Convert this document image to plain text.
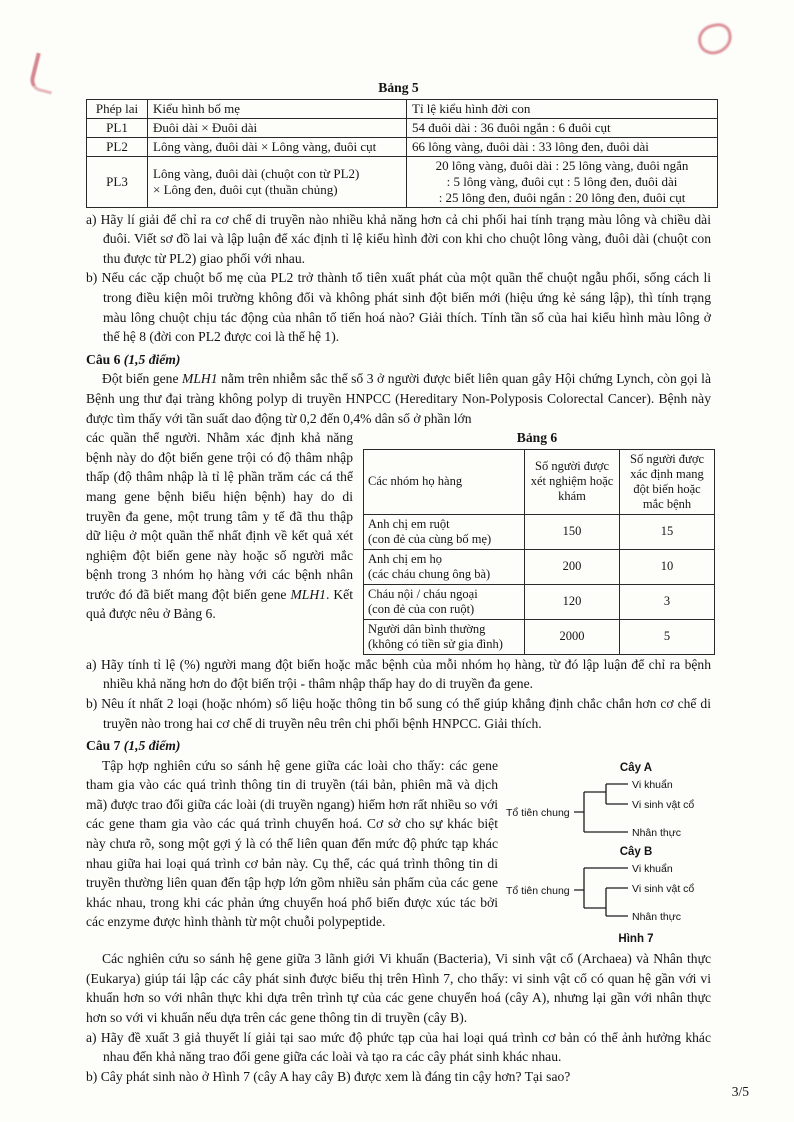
Bảng 5
Phép lai	Kiểu hình bố mẹ	Tỉ lệ kiểu hình đời con
PL1	Đuôi dài × Đuôi dài	54 đuôi dài : 36 đuôi ngắn : 6 đuôi cụt
PL2	Lông vàng, đuôi dài × Lông vàng, đuôi cụt	66 lông vàng, đuôi dài : 33 lông đen, đuôi dài
PL3	Lông vàng, đuôi dài (chuột con từ PL2)
× Lông đen, đuôi cụt (thuần chủng)	20 lông vàng, đuôi dài : 25 lông vàng, đuôi ngắn
: 5 lông vàng, đuôi cụt : 5 lông đen, đuôi dài
: 25 lông đen, đuôi ngắn : 20 lông đen, đuôi cụt
a) Hãy lí giải để chỉ ra cơ chế di truyền nào nhiều khả năng hơn cả chi phối hai tính trạng màu lông và chiều dài đuôi. Viết sơ đồ lai và lập luận để xác định tỉ lệ kiểu hình đời con khi cho chuột lông vàng, đuôi dài (chuột con thu được từ PL2) giao phối với nhau.
b) Nếu các cặp chuột bố mẹ của PL2 trở thành tổ tiên xuất phát của một quần thể chuột ngẫu phối, sống cách li trong điều kiện môi trường không đổi và không phát sinh đột biến mới (hiệu ứng kẻ sáng lập), thì tính trạng màu lông chuột chịu tác động của nhân tố tiến hoá nào? Giải thích. Tính tần số của hai kiểu hình màu lông ở thế hệ 8 (đời con PL2 được coi là thế hệ 1).
Câu 6 (1,5 điểm)

Đột biến gene MLH1 nằm trên nhiễm sắc thể số 3 ở người được biết liên quan gây Hội chứng Lynch, còn gọi là Bệnh ung thư đại tràng không polyp di truyền HNPCC (Hereditary Non-Polyposis Colorectal Cancer). Bệnh này được tìm thấy với tần suất dao động từ 0,2 đến 0,4% dân số ở phần lớn

Bảng 6
Các nhóm họ hàng	Số người được xét nghiệm hoặc khám	Số người được xác định mang đột biến hoặc mắc bệnh

Anh chị em ruột
(con đẻ của cùng bố mẹ)	150	15

Anh chị em họ
(các cháu chung ông bà)	200	10

Cháu nội / cháu ngoại
(con đẻ của con ruột)	120	3

Người dân bình thường
(không có tiền sử gia đình)	2000	5

các quần thể người. Nhằm xác định khả năng bệnh này do đột biến gene trội có độ thâm nhập thấp (độ thâm nhập là tỉ lệ phần trăm các cá thể mang gene bệnh biểu hiện bệnh) hay do di truyền đa gene, một trung tâm y tế đã thu thập dữ liệu ở một quần thể nhất định về kết quả xét nghiệm đột biến gene này hoặc số người mắc bệnh trong 3 nhóm họ hàng với các bệnh nhân trước đó đã biết mang đột biến gene MLH1. Kết quả được nêu ở Bảng 6.

a) Hãy tính tỉ lệ (%) người mang đột biến hoặc mắc bệnh của mỗi nhóm họ hàng, từ đó lập luận để chỉ ra bệnh nhiều khả năng hơn do đột biến trội - thâm nhập thấp hay do di truyền đa gene.
b) Nêu ít nhất 2 loại (hoặc nhóm) số liệu hoặc thông tin bổ sung có thể giúp khẳng định chắc chắn hơn cơ chế di truyền nào trong hai cơ chế di truyền nêu trên chi phối bệnh HNPCC. Giải thích.
Câu 7 (1,5 điểm)
Cây A
Tổ tiên chung
Vi khuẩn
Vi sinh vật cổ
Nhân thực
Cây B
Tổ tiên chung
Vi khuẩn
Vi sinh vật cổ
Nhân thực
Hình 7

Tập hợp nghiên cứu so sánh hệ gene giữa các loài cho thấy: các gene tham gia vào các quá trình thông tin di truyền (tái bản, phiên mã và dịch mã) được trao đổi giữa các loài (di truyền ngang) hiếm hơn rất nhiều so với các gene tham gia vào các quá trình chuyển hoá. Cơ sở cho sự khác biệt này chưa rõ, song một gợi ý là có thể liên quan đến mức độ phức tạp khác nhau giữa hai loại quá trình cơ bản này. Cụ thể, các quá trình thông tin di truyền thường liên quan đến tập hợp lớn gồm nhiều sản phẩm của các gene khác nhau, trong khi các phản ứng chuyển hoá phổ biến được xúc tác bởi các enzyme được hình thành từ một chuỗi polypeptide.

Các nghiên cứu so sánh hệ gene giữa 3 lãnh giới Vi khuẩn (Bacteria), Vi sinh vật cổ (Archaea) và Nhân thực (Eukarya) giúp tái lập các cây phát sinh được biểu thị trên Hình 7, cho thấy: vi sinh vật cổ có quan hệ gần với vi khuẩn hơn so với nhân thực khi dựa trên trình tự của các gene chuyển hoá (cây A), nhưng lại gần với nhân thực hơn so với vi khuẩn nếu dựa trên các gene thông tin di truyền (cây B).

a) Hãy đề xuất 3 giả thuyết lí giải tại sao mức độ phức tạp của hai loại quá trình cơ bản có thể ảnh hưởng khác nhau đến khả năng trao đổi gene giữa các loài và tạo ra các cây phát sinh khác nhau.
b) Cây phát sinh nào ở Hình 7 (cây A hay cây B) được xem là đáng tin cậy hơn? Tại sao?
3/5
